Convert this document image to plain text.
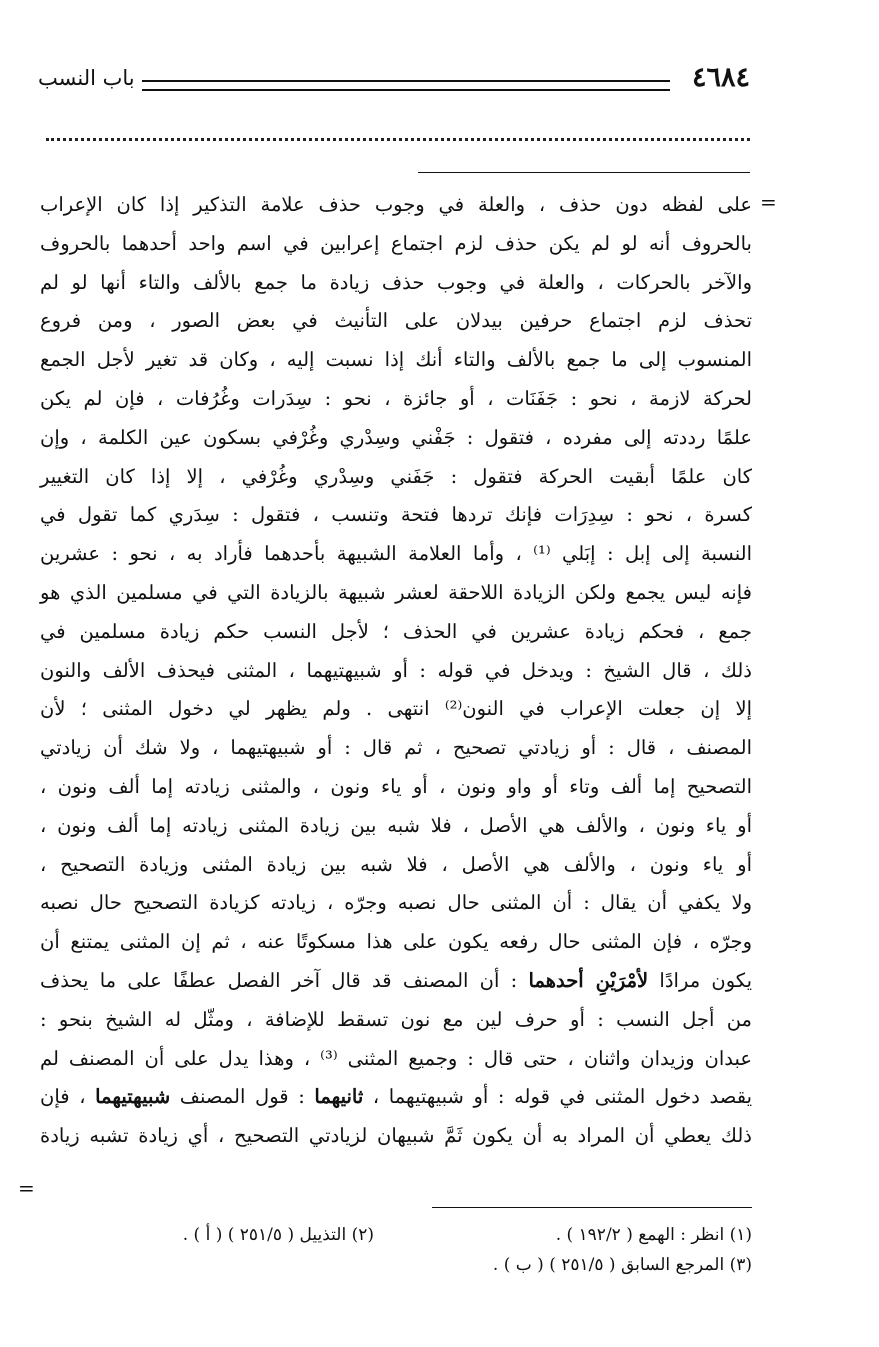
باب النسب	٤٦٨٤
=
على لفظه دون حذف ، والعلة في وجوب حذف علامة التذكير إذا كان الإعراب
بالحروف أنه لو لم يكن حذف لزم اجتماع إعرابين في اسم واحد أحدهما بالحروف
والآخر بالحركات ، والعلة في وجوب حذف زيادة ما جمع بالألف والتاء أنها لو لم
تحذف لزم اجتماع حرفين بيدلان على التأنيث في بعض الصور ، ومن فروع
المنسوب إلى ما جمع بالألف والتاء أنك إذا نسبت إليه ، وكان قد تغير لأجل الجمع
لحركة لازمة ، نحو : جَفَنَات ، أو جائزة ، نحو : سِدَرات وغُرُفات ، فإن لم يكن
علمًا رددته إلى مفرده ، فتقول : جَفْني وسِدْري وغُرْفي بسكون عين الكلمة ، وإن
كان علمًا أبقيت الحركة فتقول : جَفَني وسِدْري وغُرْفي ، إلا إذا كان التغيير
كسرة ، نحو : سِدِرَات فإنك تردها فتحة وتنسب ، فتقول : سِدَري كما تقول في
النسبة إلى إبل : إبَلي ⁽¹⁾ ، وأما العلامة الشبيهة بأحدهما فأراد به ، نحو : عشرين
فإنه ليس يجمع ولكن الزيادة اللاحقة لعشر شبيهة بالزيادة التي في مسلمين الذي هو
جمع ، فحكم زيادة عشرين في الحذف ؛ لأجل النسب حكم زيادة مسلمين في
ذلك ، قال الشيخ : ويدخل في قوله : أو شبيهتيهما ، المثنى فيحذف الألف والنون
إلا إن جعلت الإعراب في النون⁽²⁾ انتهى . ولم يظهر لي دخول المثنى ؛ لأن
المصنف ، قال : أو زيادتي تصحيح ، ثم قال : أو شبيهتيهما ، ولا شك أن زيادتي
التصحيح إما ألف وتاء أو واو ونون ، أو ياء ونون ، والمثنى زيادته إما ألف ونون ،
أو ياء ونون ، والألف هي الأصل ، فلا شبه بين زيادة المثنى زيادته إما ألف ونون ،
أو ياء ونون ، والألف هي الأصل ، فلا شبه بين زيادة المثنى وزيادة التصحيح ،
ولا يكفي أن يقال : أن المثنى حال نصبه وجرّه ، زيادته كزيادة التصحيح حال نصبه
وجرّه ، فإن المثنى حال رفعه يكون على هذا مسكوتًا عنه ، ثم إن المثنى يمتنع أن
يكون مرادًا لأمْرَيْنِ أحدهما : أن المصنف قد قال آخر الفصل عطفًا على ما يحذف
من أجل النسب : أو حرف لين مع نون تسقط للإضافة ، ومثّل له الشيخ بنحو :
عبدان وزيدان واثنان ، حتى قال : وجميع المثنى ⁽³⁾ ، وهذا يدل على أن المصنف لم
يقصد دخول المثنى في قوله : أو شبيهتيهما ، ثانيهما : قول المصنف شبيهتيهما ، فإن
ذلك يعطي أن المراد به أن يكون ثَمَّ شبيهان لزيادتي التصحيح ، أي زيادة تشبه زيادة
=
(١) انظر : الهمع ( ١٩٢/٢ ) .
(٢) التذييل ( ٢٥١/٥ ) ( أ ) .
(٣) المرجع السابق ( ٢٥١/٥ ) ( ب ) .
